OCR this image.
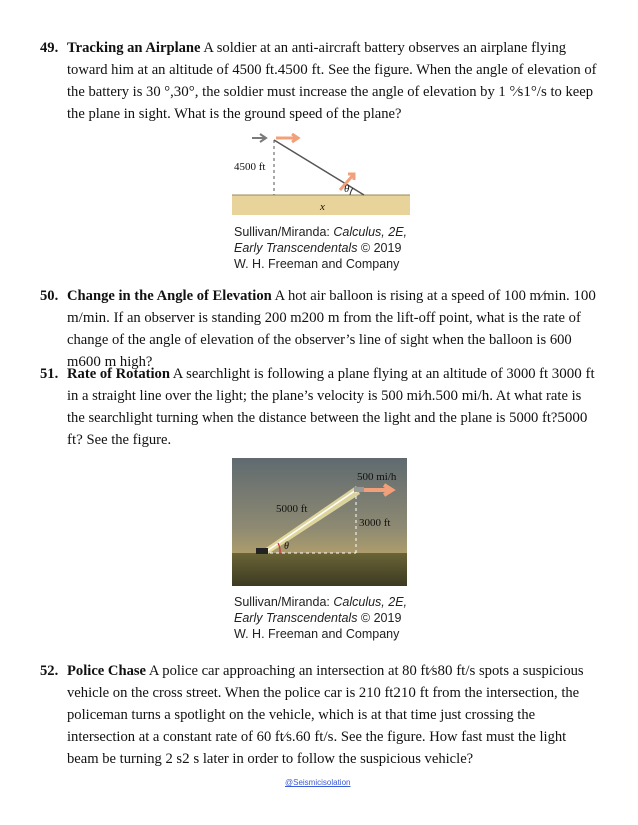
49. Tracking an Airplane A soldier at an anti-aircraft battery observes an airplane flying toward him at an altitude of 4500 ft.4500 ft. See the figure. When the angle of elevation of the battery is 30 °,30°, the soldier must increase the angle of elevation by 1 °⁄s1°/s to keep the plane in sight. What is the ground speed of the plane?
4500 ft
θ
x
Sullivan/Miranda: Calculus, 2E,
Early Transcendentals © 2019
W. H. Freeman and Company
50. Change in the Angle of Elevation A hot air balloon is rising at a speed of 100 m⁄min. 100 m/min. If an observer is standing 200 m200 m from the lift-off point, what is the rate of change of the angle of elevation of the observer’s line of sight when the balloon is 600 m600 m high?
51. Rate of Rotation A searchlight is following a plane flying at an altitude of 3000 ft 3000 ft in a straight line over the light; the plane’s velocity is 500 mi⁄h.500 mi/h. At what rate is the searchlight turning when the distance between the light and the plane is 5000 ft?5000 ft? See the figure.
500 mi/h
5000 ft
3000 ft
θ
Sullivan/Miranda: Calculus, 2E,
Early Transcendentals © 2019
W. H. Freeman and Company
52. Police Chase A police car approaching an intersection at 80 ft⁄s80 ft/s spots a suspicious vehicle on the cross street. When the police car is 210 ft210 ft from the intersection, the policeman turns a spotlight on the vehicle, which is at that time just crossing the intersection at a constant rate of 60 ft⁄s.60 ft/s. See the figure. How fast must the light beam be turning 2 s2 s later in order to follow the suspicious vehicle?
@Seismicisolation
